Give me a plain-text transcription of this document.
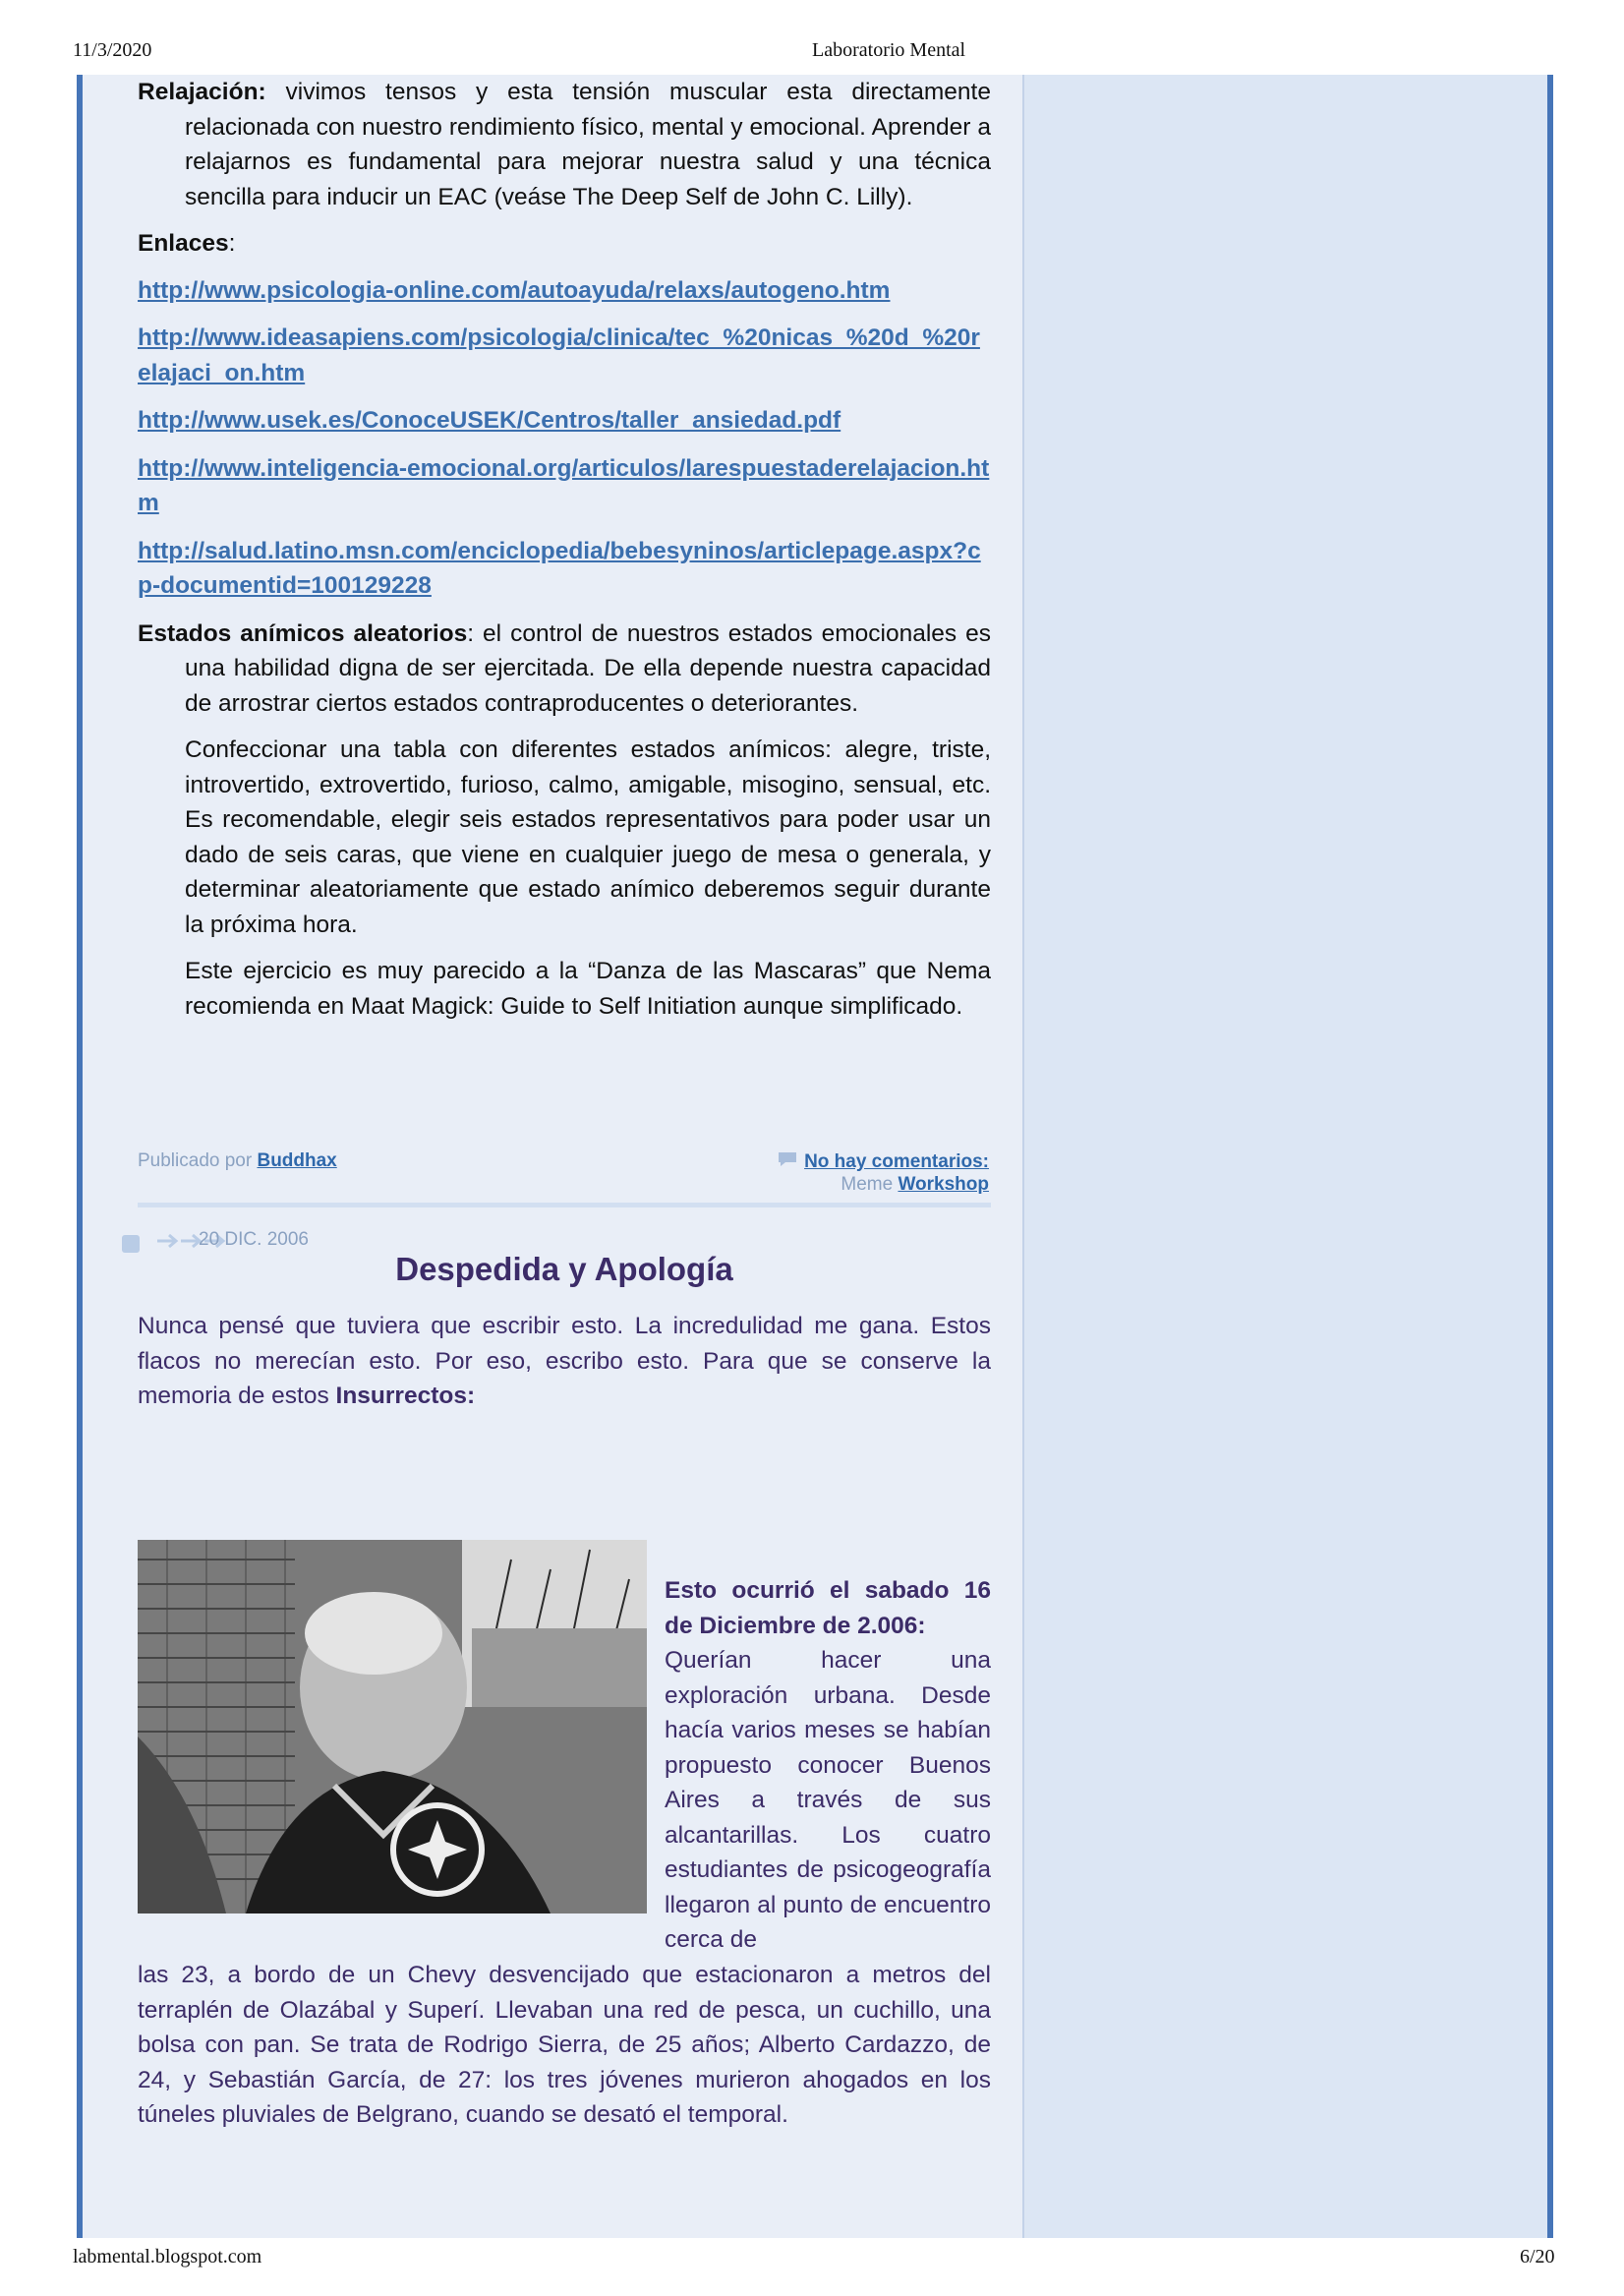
11/3/2020	Laboratorio Mental
labmental.blogspot.com	6/20

Relajación: vivimos tensos y esta tensión muscular esta directamente relacionada con nuestro rendimiento físico, mental y emocional. Aprender a relajarnos es fundamental para mejorar nuestra salud y una técnica sencilla para inducir un EAC (veáse The Deep Self de John C. Lilly).

Enlaces:

http://www.psicologia-online.com/autoayuda/relaxs/autogeno.htm

http://www.ideasapiens.com/psicologia/clinica/tec_%20nicas_%20d_%20relajaci_on.htm

http://www.usek.es/ConoceUSEK/Centros/taller_ansiedad.pdf

http://www.inteligencia-emocional.org/articulos/larespuestaderelajacion.htm

http://salud.latino.msn.com/enciclopedia/bebesyninos/articlepage.aspx?cp-documentid=100129228

Estados anímicos aleatorios: el control de nuestros estados emocionales es una habilidad digna de ser ejercitada. De ella depende nuestra capacidad de arrostrar ciertos estados contraproducentes o deteriorantes.

Confeccionar una tabla con diferentes estados anímicos: alegre, triste, introvertido, extrovertido, furioso, calmo, amigable, misogino, sensual, etc. Es recomendable, elegir seis estados representativos para poder usar un dado de seis caras, que viene en cualquier juego de mesa o generala, y determinar aleatoriamente que estado anímico deberemos seguir durante la próxima hora.

Este ejercicio es muy parecido a la “Danza de las Mascaras” que Nema recomienda en Maat Magick: Guide to Self Initiation aunque simplificado.

Publicado por Buddhax	No hay comentarios:
Meme Workshop
20 DIC. 2006
Despedida y Apología

Nunca pensé que tuviera que escribir esto. La incredulidad me gana. Estos flacos no merecían esto. Por eso, escribo esto. Para que se conserve la memoria de estos Insurrectos:

Esto ocurrió el sabado 16 de Diciembre de 2.006:
Querían hacer una exploración urbana. Desde hacía varios meses se habían propuesto conocer Buenos Aires a través de sus alcantarillas. Los cuatro estudiantes de psicogeografía llegaron al punto de encuentro cerca de

las 23, a bordo de un Chevy desvencijado que estacionaron a metros del terraplén de Olazábal y Superí. Llevaban una red de pesca, un cuchillo, una bolsa con pan. Se trata de Rodrigo Sierra, de 25 años; Alberto Cardazzo, de 24, y Sebastián García, de 27: los tres jóvenes murieron ahogados en los túneles pluviales de Belgrano, cuando se desató el temporal.
